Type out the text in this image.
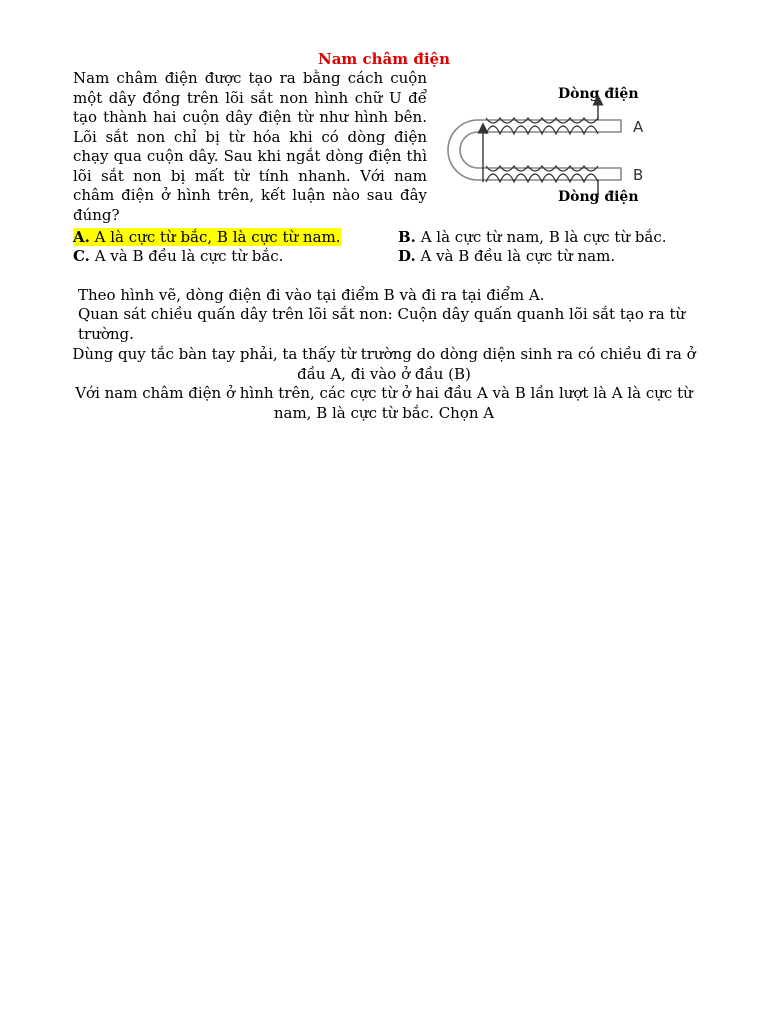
Nam châm điện

Nam châm điện được tạo ra bằng cách cuộn một dây đồng trên lõi sắt non hình chữ U để tạo thành hai cuộn dây điện từ như hình bên. Lõi sắt non chỉ bị từ hóa khi có dòng điện chạy qua cuộn dây. Sau khi ngắt dòng điện thì lõi sắt non bị mất từ tính nhanh. Với nam châm điện ở hình trên, kết luận nào sau đây đúng?

Dòng điện
Dòng điện
A
B

A. A là cực từ bắc, B là cực từ nam.	B. A là cực từ nam, B là cực từ bắc.

C. A và B đều là cực từ bắc.	D. A và B đều là cực từ nam.

Theo hình vẽ, dòng điện đi vào tại điểm B và đi ra tại điểm A.

Quan sát chiều quấn dây trên lõi sắt non: Cuộn dây quấn quanh lõi sắt tạo ra từ trường.

Dùng quy tắc bàn tay phải, ta thấy từ trường do dòng diện sinh ra có chiều đi ra ở đầu A, đi vào ở đầu (B)

Với nam châm điện ở hình trên, các cực từ ở hai đầu A và B lần lượt là A là cực từ nam, B là cực từ bắc. Chọn A
